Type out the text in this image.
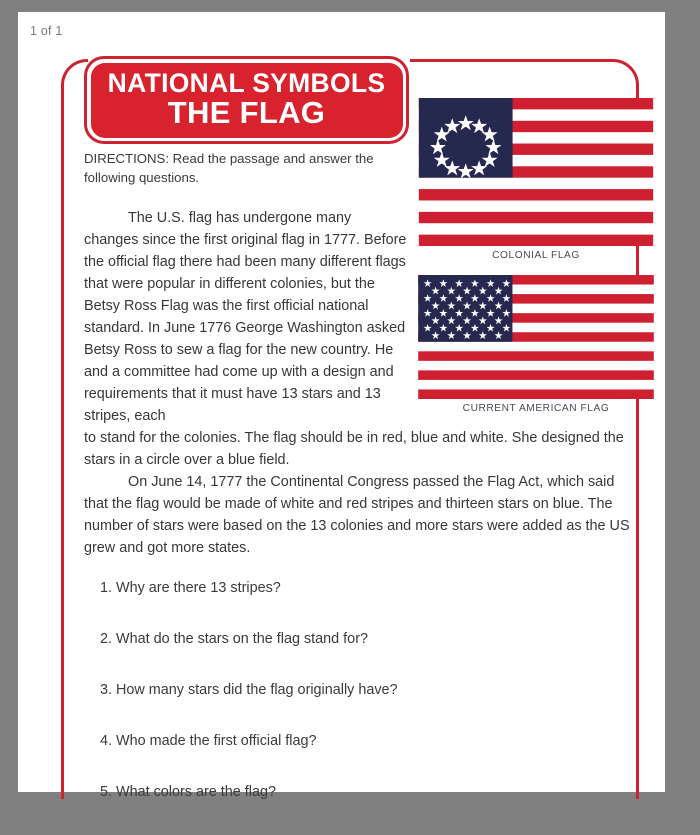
1 of 1
NATIONAL SYMBOLS
THE FLAG
COLONIAL FLAG
CURRENT AMERICAN FLAG
DIRECTIONS: Read the passage and answer the following questions.
The U.S. flag has undergone many changes since the first original flag in 1777. Before the official flag there had been many different flags that were popular in different colonies, but the Betsy Ross Flag was the first official national standard. In June 1776 George Washington asked Betsy Ross to sew a flag for the new country. He and a committee had come up with a design and requirements that it must have 13 stars and 13 stripes, each

to stand for the colonies. The flag should be in red, blue and white. She designed the stars in a circle over a blue field.

On June 14, 1777 the Continental Congress passed the Flag Act, which said that the flag would be made of white and red stripes and thirteen stars on blue. The number of stars were based on the 13 colonies and more stars were added as the US grew and got more states.

1. Why are there 13 stripes?
2. What do the stars on the flag stand for?
3. How many stars did the flag originally have?
4. Who made the first official flag?
5. What colors are the flag?
